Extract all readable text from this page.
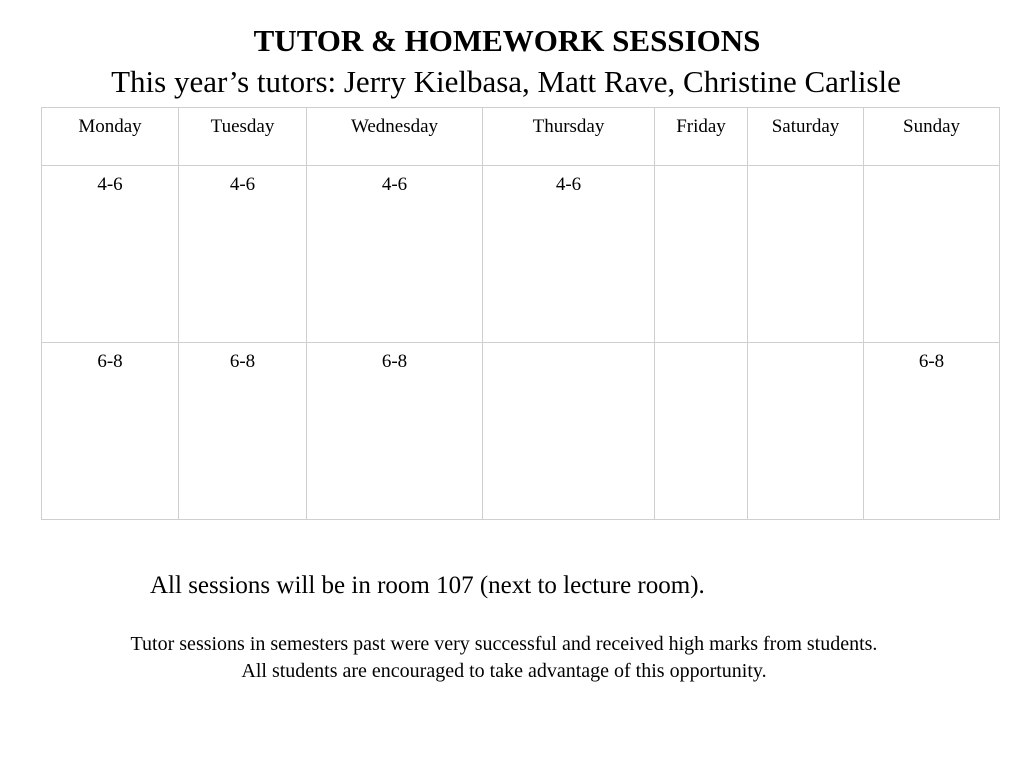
TUTOR & HOMEWORK SESSIONS
This year’s tutors: Jerry Kielbasa, Matt Rave, Christine Carlisle
Monday	Tuesday	Wednesday	Thursday	Friday	Saturday	Sunday
4-6	4-6	4-6	4-6			
6-8	6-8	6-8				6-8
All sessions will be in room 107 (next to lecture room).
Tutor sessions in semesters past were very successful and received high marks from students.
All students are encouraged to take advantage of this opportunity.
